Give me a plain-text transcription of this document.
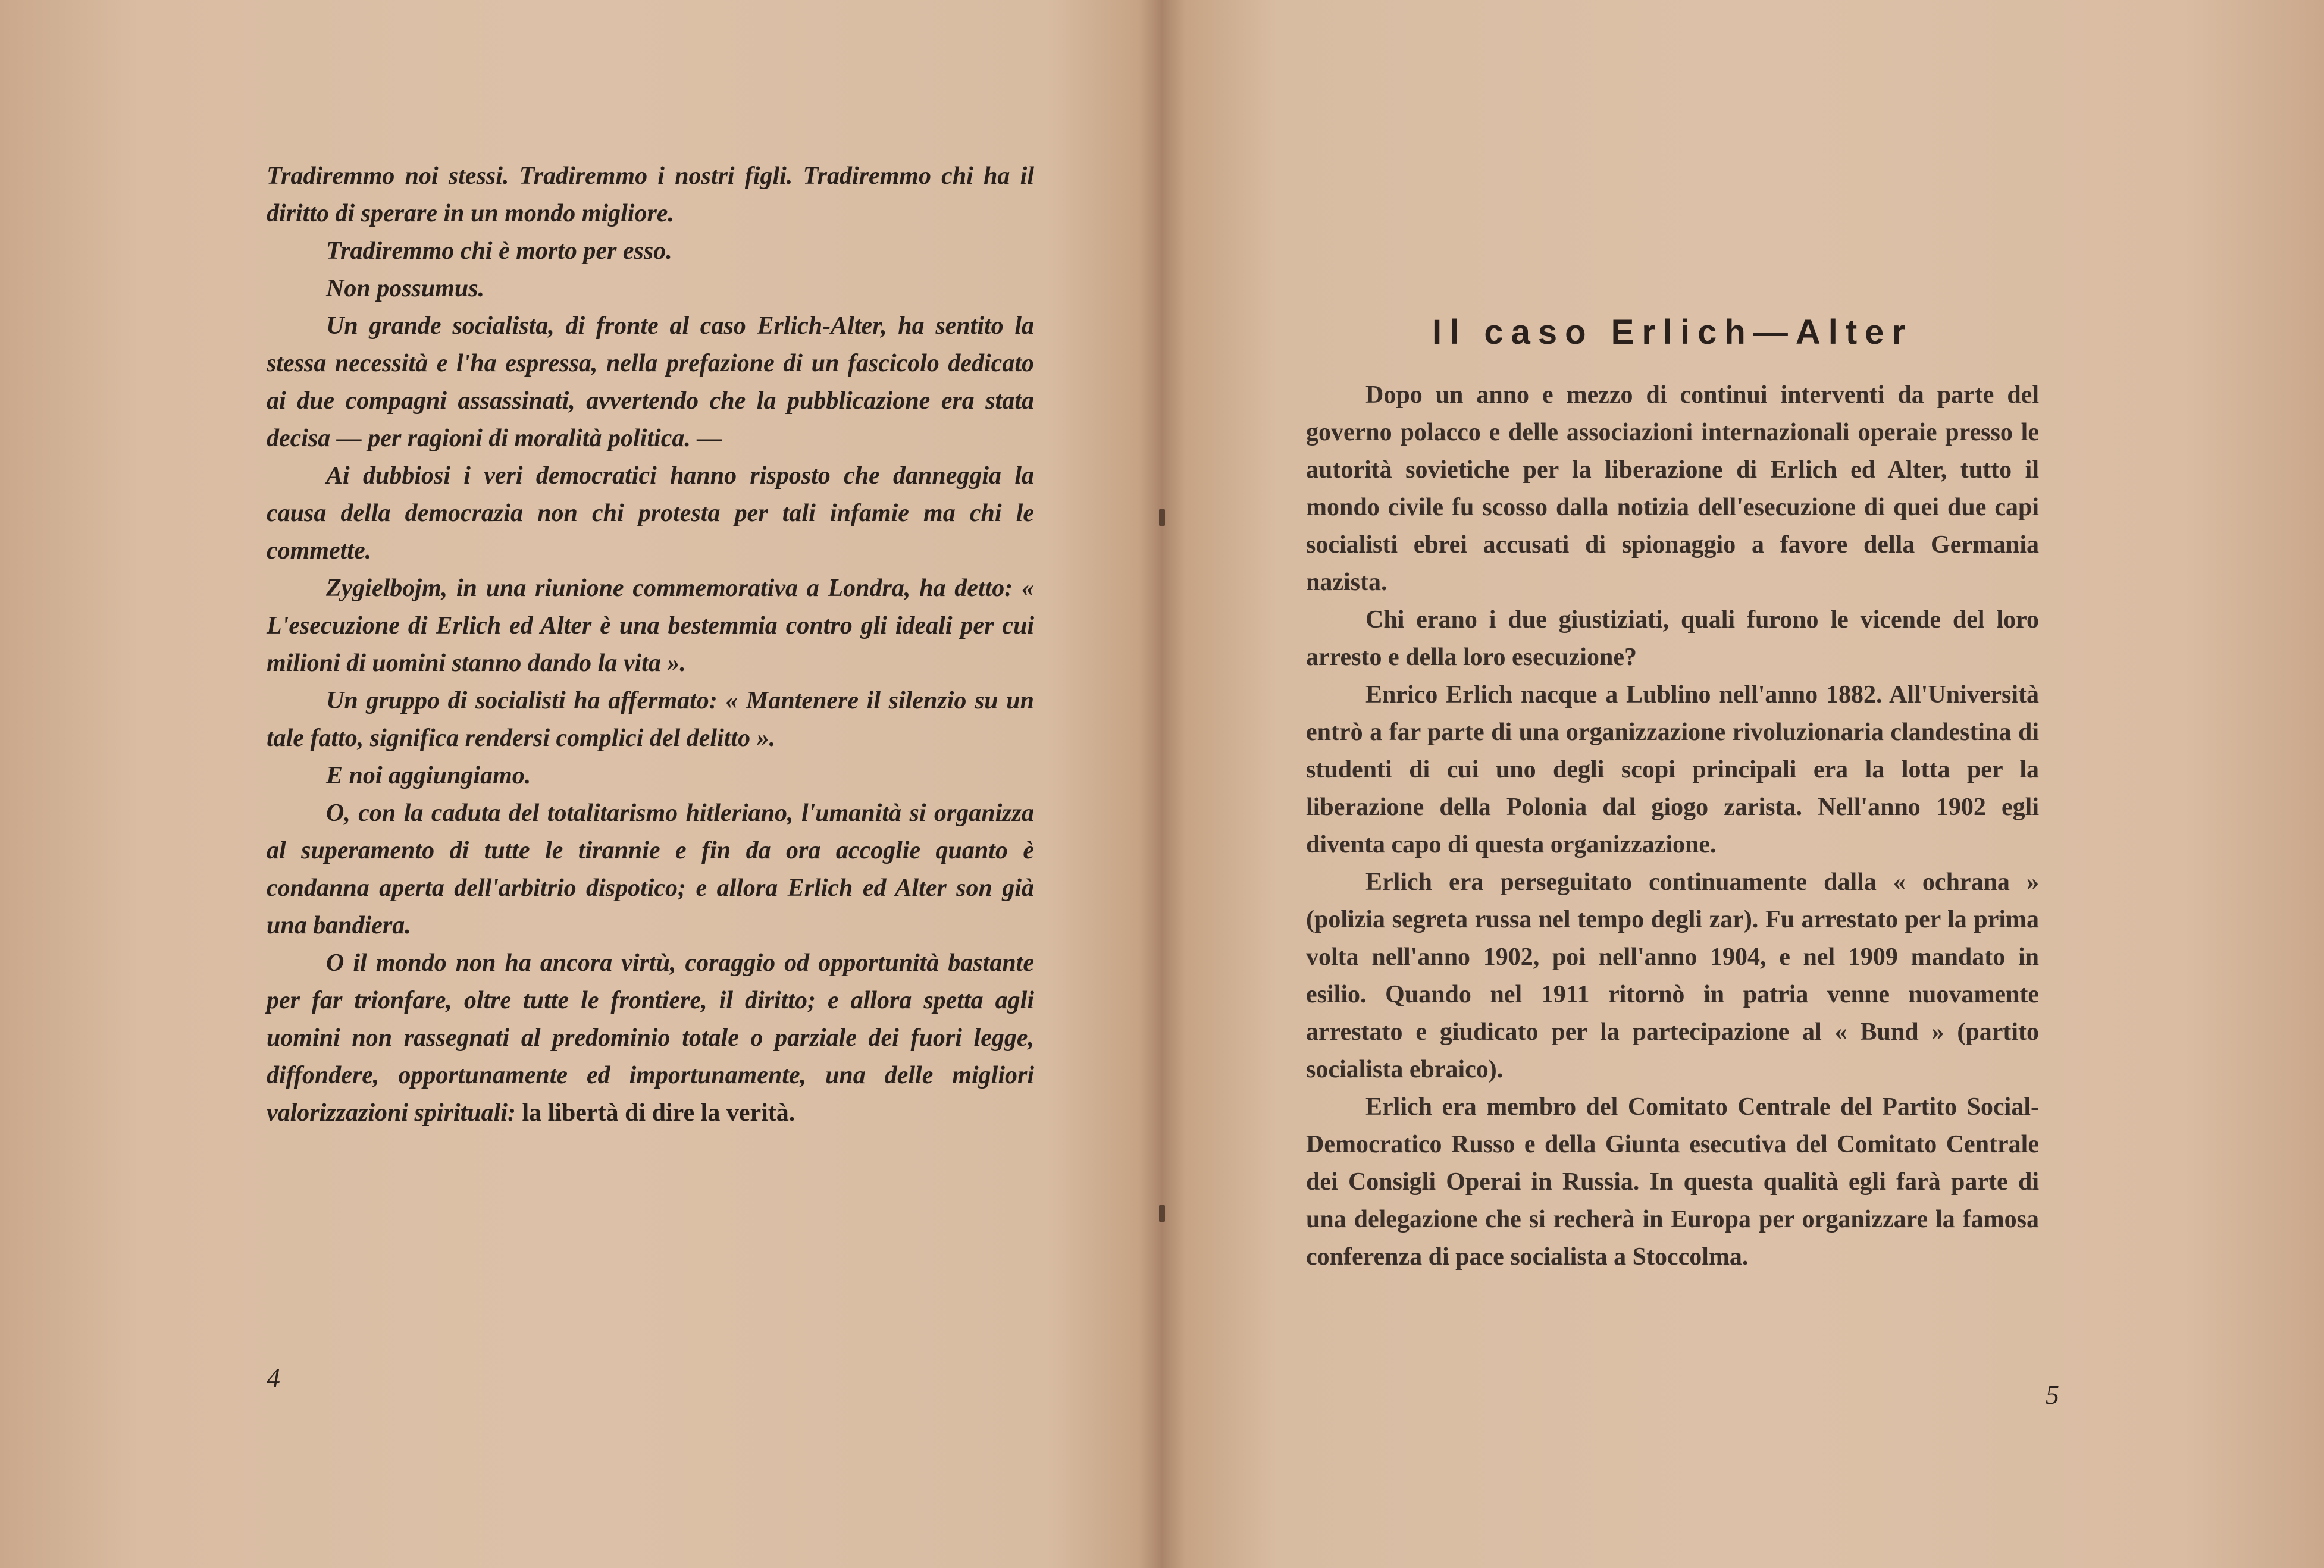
Tradiremmo noi stessi. Tradiremmo i nostri figli. Tradiremmo chi ha il diritto di sperare in un mondo migliore.

Tradiremmo chi è morto per esso.

Non possumus.

Un grande socialista, di fronte al caso Erlich-Alter, ha sentito la stessa necessità e l'ha espressa, nella prefazione di un fascicolo dedicato ai due compagni assassinati, avvertendo che la pubblicazione era stata decisa — per ragioni di moralità politica. —

Ai dubbiosi i veri democratici hanno risposto che danneggia la causa della democrazia non chi protesta per tali infamie ma chi le commette.

Zygielbojm, in una riunione commemorativa a Londra, ha detto: « L'esecuzione di Erlich ed Alter è una bestemmia contro gli ideali per cui milioni di uomini stanno dando la vita ».

Un gruppo di socialisti ha affermato: « Mantenere il silenzio su un tale fatto, significa rendersi complici del delitto ».

E noi aggiungiamo.

O, con la caduta del totalitarismo hitleriano, l'umanità si organizza al superamento di tutte le tirannie e fin da ora accoglie quanto è condanna aperta dell'arbitrio dispotico; e allora Erlich ed Alter son già una bandiera.

O il mondo non ha ancora virtù, coraggio od opportunità bastante per far trionfare, oltre tutte le frontiere, il diritto; e allora spetta agli uomini non rassegnati al predominio totale o parziale dei fuori legge, diffondere, opportunamente ed importunamente, una delle migliori valorizzazioni spirituali: la libertà di dire la verità.

4
Il caso Erlich—Alter

Dopo un anno e mezzo di continui interventi da parte del governo polacco e delle associazioni internazionali operaie presso le autorità sovietiche per la liberazione di Erlich ed Alter, tutto il mondo civile fu scosso dalla notizia dell'esecuzione di quei due capi socialisti ebrei accusati di spionaggio a favore della Germania nazista.

Chi erano i due giustiziati, quali furono le vicende del loro arresto e della loro esecuzione?

Enrico Erlich nacque a Lublino nell'anno 1882. All'Università entrò a far parte di una organizzazione rivoluzionaria clandestina di studenti di cui uno degli scopi principali era la lotta per la liberazione della Polonia dal giogo zarista. Nell'anno 1902 egli diventa capo di questa organizzazione.

Erlich era perseguitato continuamente dalla « ochrana » (polizia segreta russa nel tempo degli zar). Fu arrestato per la prima volta nell'anno 1902, poi nell'anno 1904, e nel 1909 mandato in esilio. Quando nel 1911 ritornò in patria venne nuovamente arrestato e giudicato per la partecipazione al « Bund » (partito socialista ebraico).

Erlich era membro del Comitato Centrale del Partito Social-Democratico Russo e della Giunta esecutiva del Comitato Centrale dei Consigli Operai in Russia. In questa qualità egli farà parte di una delegazione che si recherà in Europa per organizzare la famosa conferenza di pace socialista a Stoccolma.

5
